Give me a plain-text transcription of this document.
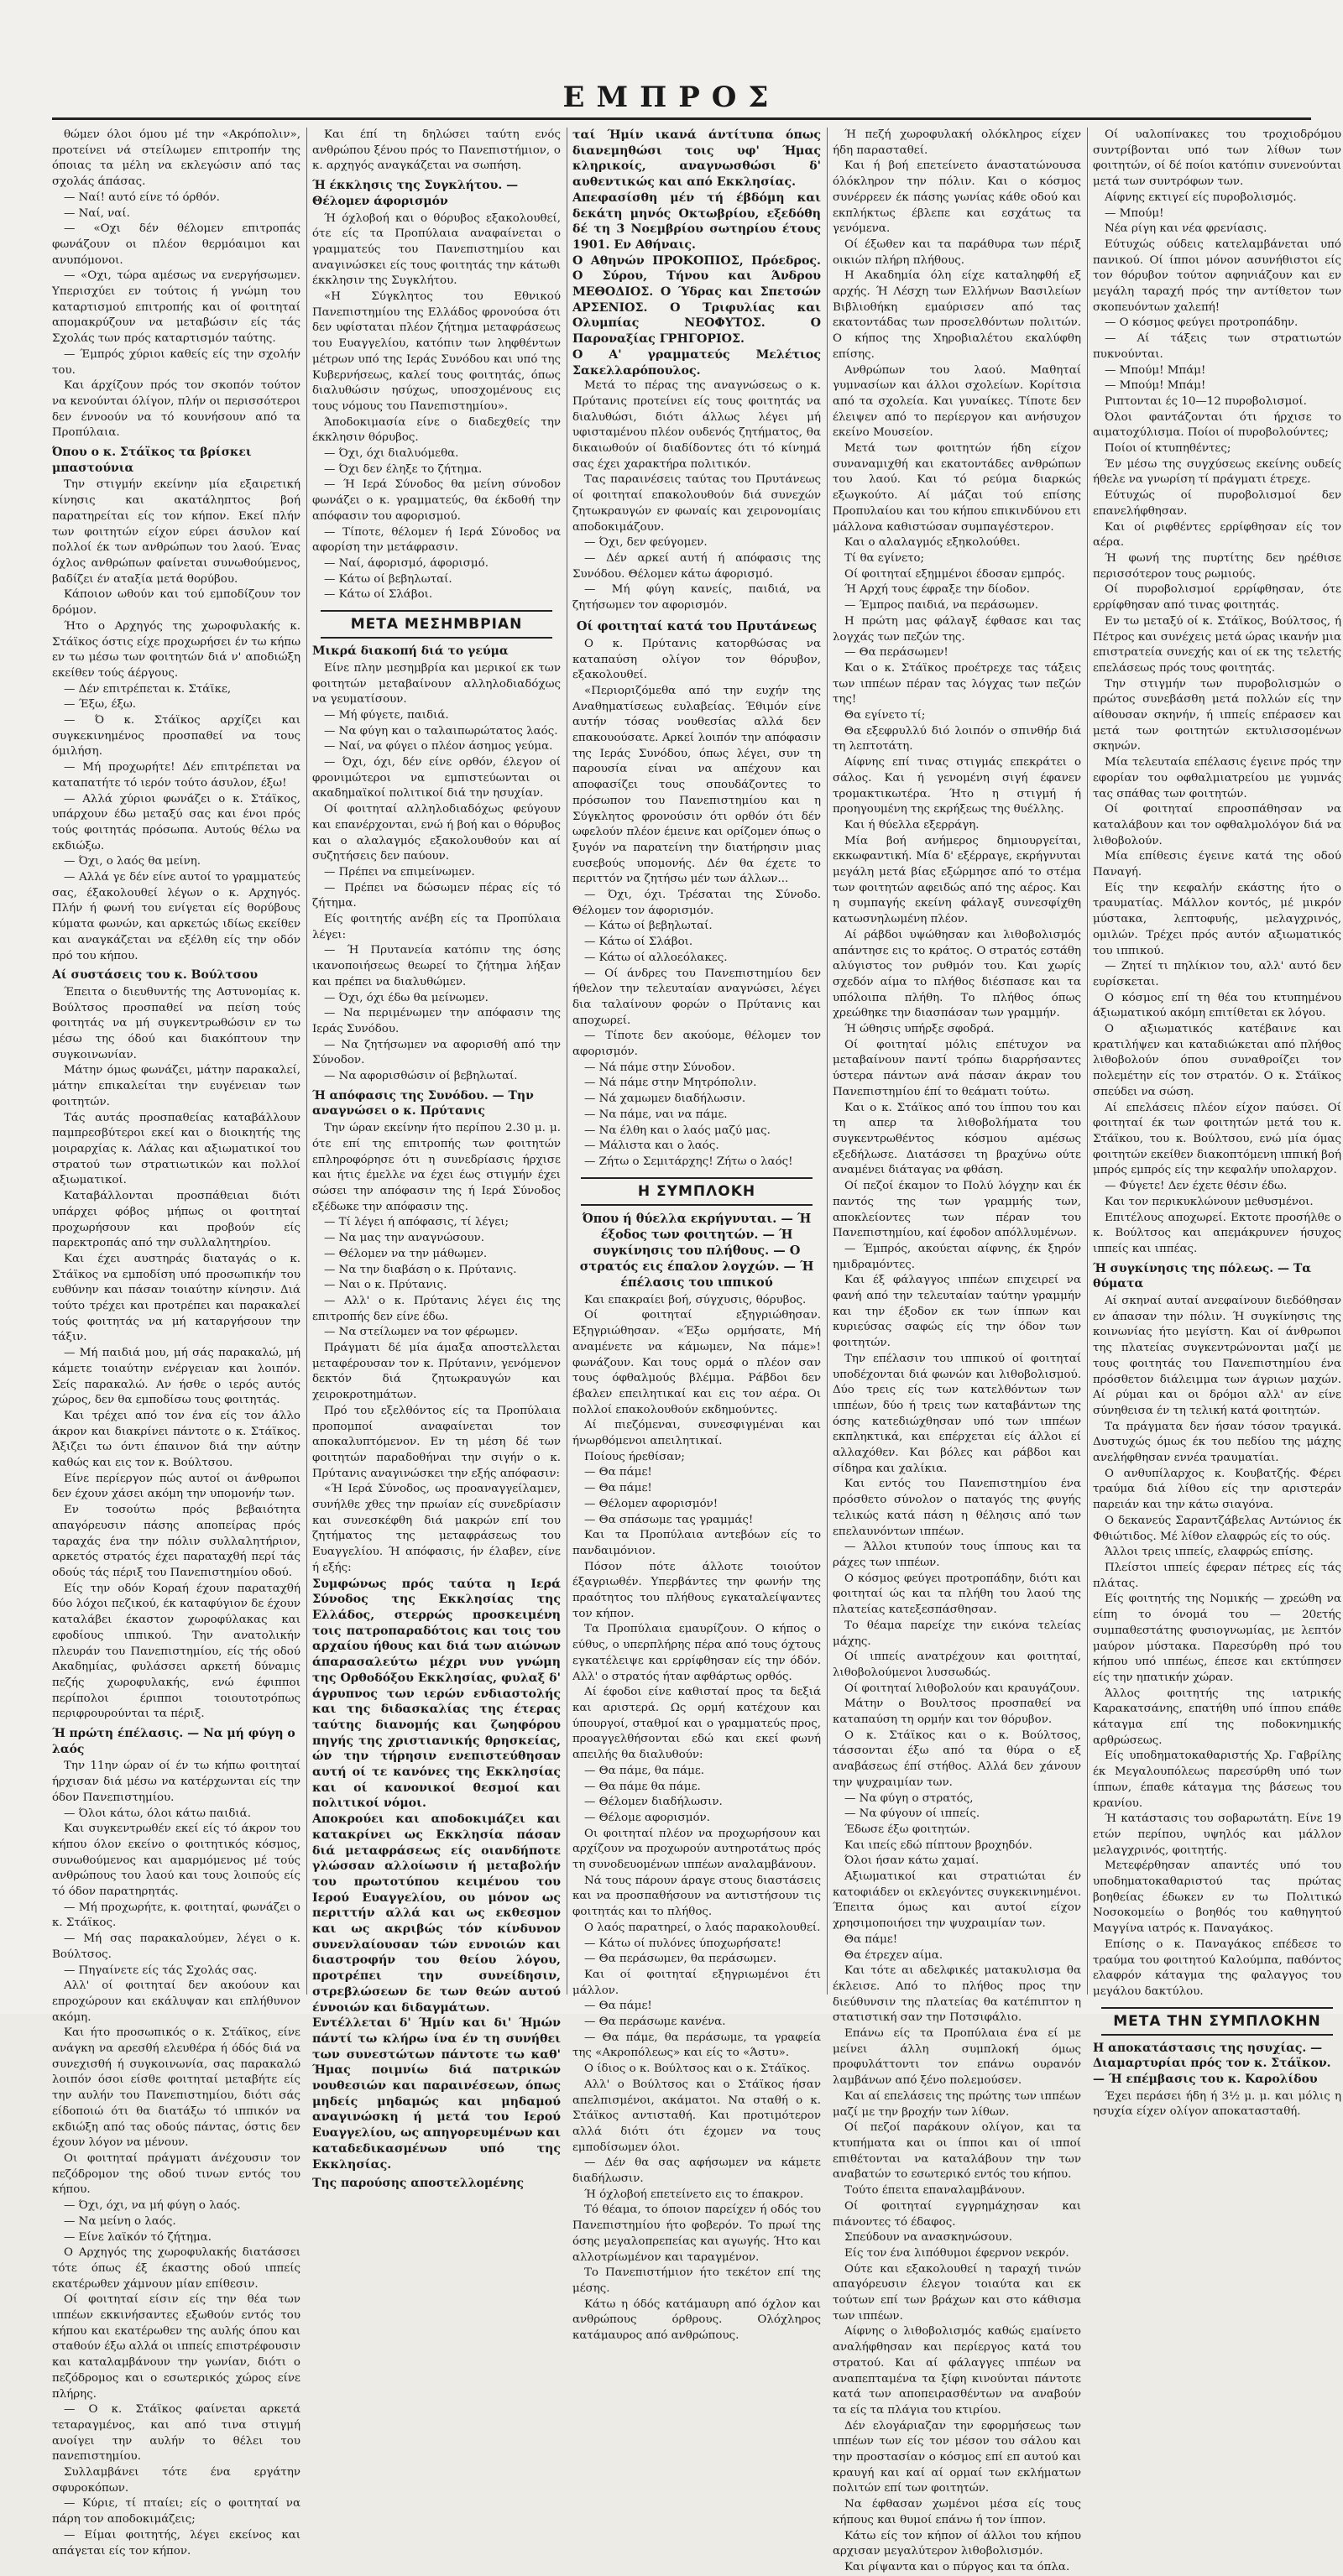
ΕΜΠΡΟΣ

θώμεν όλοι όμου μέ την «Ακρόπολιν», προτείνει νά στείλωμεν επιτροπήν της όποιας τα μέλη να εκλεγώσιν από τας σχολάς άπάσας.

— Ναί! αυτό είνε τό όρθόν.

— Ναί, ναί.

— «Οχι δέν θέλομεν επιτροπάς φωνάζουν οι πλέον θερμόαιμοι και ανυπόμονοι.

— «Οχι, τώρα αμέσως να ενεργήσωμεν. Υπερισχύει εν τούτοις ή γνώμη του καταρτισμού επιτροπής και οί φοιτηταί απομακρύζουν να μεταβώσιν είς τάς Σχολάς των πρός καταρτισμόν ταύτης.

— Έμπρός χύριοι καθείς είς την σχολήν του.

Και άρχίζουν πρός τον σκοπόν τούτον να κενούνται όλίγον, πλήν οι περισσότεροι δεν έννοούν να τό κουνήσουν από τα Προπύλαια.

Όπου ο κ. Στάϊκος τα βρίσκει μπαστούνια

Την στιγμήν εκείνην μία εξαιρετική κίνησις και ακατάληπτος βοή παρατηρείται είς τον κήπον. Εκεί πλήν των φοιτητών είχον εύρει άσυλον καί πολλοί έκ των ανθρώπων του λαού. Ένας όχλος ανθρώπων φαίνεται συνωθούμενος, βαδίζει έν αταξία μετά θορύβου.

Κάποιον ωθούν και τού εμποδίζουν τον δρόμον.

Ήτο ο Αρχηγός της χωροφυλακής κ. Στάϊκος όστις είχε προχωρήσει έν τω κήπω εν τω μέσω των φοιτητών διά ν' αποδιώξη εκείθεν τούς άέργους.

— Δέν επιτρέπεται κ. Στάϊκε,

— Έξω, έξω.

— Ό κ. Στάϊκος αρχίζει και συγκεκινημένος προσπαθεί να τους όμιλήση.

— Μή προχωρήτε! Δέν επιτρέπεται να καταπατήτε τό ιερόν τούτο άσυλον, έξω!

— Αλλά χύριοι φωνάζει ο κ. Στάϊκος, υπάρχουν έδω μεταξύ σας και ένοι πρός τούς φοιτητάς πρόσωπα. Αυτούς θέλω να εκδιώξω.

— Όχι, ο λαός θα μείνη.

— Αλλά γε δέν είνε αυτοί το γραμματεύς σας, έξακολουθεί λέγων ο κ. Αρχηγός. Πλήν ή φωνή του ενίγεται είς θορύβους κύματα φωνών, και αρκετώς ιδίως εκείθεν και αναγκάζεται να εξέλθη είς την οδόν πρό του κήπου.

Αί συστάσεις του κ. Βούλτσου

Έπειτα ο διευθυντής της Αστυνομίας κ. Βούλτσος προσπαθεί να πείση τούς φοιτητάς να μή συγκεντρωθώσιν εν τω μέσω της όδού και διακόπτουν την συγκοινωνίαν.

Μάτην όμως φωνάζει, μάτην παρακαλεί, μάτην επικαλείται την ευγένειαν των φοιτητών.

Τάς αυτάς προσπαθείας καταβάλλουν παμπρεσβύτεροι εκεί και ο διοικητής της μοιραρχίας κ. Λάλας και αξιωματικοί του στρατού των στρατιωτικών και πολλοί αξιωματικοί.

Καταβάλλονται προσπάθειαι διότι υπάρχει φόβος μήπως οι φοιτηταί προχωρήσουν και προβούν είς παρεκτροπάς από την συλλαλητηρίου.

Και έχει αυστηράς διαταγάς ο κ. Στάϊκος να εμποδίση υπό προσωπικήν του ευθύνην και πάσαν τοιαύτην κίνησιν. Διά τούτο τρέχει και προτρέπει και παρακαλεί τούς φοιτητάς να μή καταργήσουν την τάξιν.

— Μή παιδιά μου, μή σάς παρακαλώ, μή κάμετε τοιαύτην ενέργειαν και λοιπόν. Σείς παρακαλώ. Αν ήσθε ο ιερός αυτός χώρος, δεν θα εμποδίσω τους φοιτητάς.

Και τρέχει από τον ένα είς τον άλλο άκρον και διακρίνει πάντοτε ο κ. Στάϊκος. Άξιζει τω όντι έπαινον διά την αύτην καθώς και εις τον κ. Βούλτσου.

Είνε περίεργον πώς αυτοί οι άνθρωποι δεν έχουν χάσει ακόμη την υπομονήν των.

Εν τοσούτω πρός βεβαιότητα απαγόρευσιν πάσης αποπείρας πρός ταραχάς ένα την πόλιν συλλαλητήριον, αρκετός στρατός έχει παραταχθή περί τάς οδούς τάς πέριξ του Πανεπιστημίου οδού.

Είς την οδόν Κοραή έχουν παραταχθή δύο λόχοι πεζικού, έκ καταφύγιον δε έχουν καταλάβει έκαστον χωροφύλακας και εφοδίους ιππικού. Την ανατολικήν πλευράν του Πανεπιστημίου, είς τής οδού Ακαδημίας, φυλάσσει αρκετή δύναμις πεζής χωροφυλακής, ενώ έφιπποι περίπολοι έριπποι τοιουτοτρόπως περιφρουρούνται τα πέριξ.

Ή πρώτη έπέλασις. — Να μή φύγη ο λαός

Την 11ην ώραν οί έν τω κήπω φοιτηταί ήρχισαν διά μέσω να κατέρχωνται είς την όδον Πανεπιστημίου.

— Όλοι κάτω, όλοι κάτω παιδιά.

Και συγκεντρωθέν εκεί είς τό άκρον του κήπου όλον εκείνο ο φοιτητικός κόσμος, συνωθούμενος και αμαρμόμενος μέ τούς ανθρώπους του λαού και τους λοιπούς είς τό όδον παρατηρητάς.

— Μή προχωρήτε, κ. φοιτηταί, φωνάζει ο κ. Στάϊκος.

— Μή σας παρακαλούμεν, λέγει ο κ. Βούλτσος.

— Πηγαίνετε είς τάς Σχολάς σας.

Αλλ' οί φοιτηταί δεν ακούουν και επροχώρουν και εκάλυψαν και επλήθυνον ακόμη.

Και ήτο προσωπικός ο κ. Στάϊκος, είνε ανάγκη να αρεσθή ελευθέρα ή όδός διά να συνεχισθή ή συγκοινωνία, σας παρακαλώ λοιπόν όσοι είσθε φοιτηταί μεταβήτε είς την αυλήν του Πανεπιστημίου, διότι σάς είδοποιώ ότι θα διατάξω τό ιππικόν να εκδιώξη από τας οδούς πάντας, όστις δεν έχουν λόγον να μένουν.

Οι φοιτηταί πράγματι άνέχουσιν τον πεζόδρομον της οδού τινων εντός του κήπου.

— Όχι, όχι, να μή φύγη ο λαός.

— Να μείνη ο λαός.

— Είνε λαϊκόν τό ζήτημα.

Ο Αρχηγός της χωροφυλακής διατάσσει τότε όπως έξ έκαστης οδού ιππείς εκατέρωθεν χάμνουν μίαν επίθεσιν.

Οί φοιτηταί είσιν είς την θέα των ιππέων εκκινήσαντες εξωθούν εντός του κήπου και εκατέρωθεν της αυλής όπου και σταθούν έξω αλλά οι ιππείς επιστρέφουσιν και καταλαμβάνουν την γωνίαν, διότι ο πεζόδρομος και ο εσωτερικός χώρος είνε πλήρης.

— Ο κ. Στάϊκος φαίνεται αρκετά τεταραγμένος, και από τινα στιγμή ανοίγει την αυλήν το θέλει του πανεπιστημίου.

Συλλαμβάνει τότε ένα εργάτην σφυροκόπων.

— Κύριε, τί πταίει; είς ο φοιτηταί να πάρη τον αποδοκιμάζεις;

— Είμαι φοιτητής, λέγει εκείνος και απάγεται είς τον κήπον.

Και έπί τη δηλώσει ταύτη ενός ανθρώπου ξένου πρός το Πανεπιστήμιον, ο κ. αρχηγός αναγκάζεται να σωπήση.

Ή έκκλησις της Συγκλήτου. — Θέλομεν άφορισμόν

Ή όχλοβοή και ο θόρυβος εξακολουθεί, ότε είς τα Προπύλαια αναφαίνεται ο γραμματεύς του Πανεπιστημίου και αναγινώσκει είς τους φοιτητάς την κάτωθι έκκλησιν της Συγκλήτου.

«Η Σύγκλητος του Εθνικού Πανεπιστημίου της Ελλάδος φρονούσα ότι δεν υφίσταται πλέον ζήτημα μεταφράσεως του Ευαγγελίου, κατόπιν των ληφθέντων μέτρων υπό της Ιεράς Συνόδου και υπό της Κυβερνήσεως, καλεί τους φοιτητάς, όπως διαλυθώσιν ησύχως, υποσχομένους εις τους νόμους του Πανεπιστημίου».

Άποδοκιμασία είνε ο διαδεχθείς την έκκλησιν θόρυβος.

— Όχι, όχι διαλυόμεθα.

— Όχι δεν έληξε το ζήτημα.

— Ή Ιερά Σύνοδος θα μείνη σύνοδον φωνάζει ο κ. γραμματεύς, θα έκδοθή την απόφασιν του αφορισμού.

— Τίποτε, θέλομεν ή Ιερά Σύνοδος να αφορίση την μετάφρασιν.

— Ναί, άφορισμό, άφορισμό.

— Κάτω οί βεβηλωταί.

— Κάτω οί Σλάβοι.

ΜΕΤΑ ΜΕΣΗΜΒΡΙΑΝ

Μικρά διακοπή διά το γεύμα

Είνε πλην μεσημβρία και μερικοί εκ των φοιτητών μεταβαίνουν αλληλοδιαδόχως να γευματίσουν.

— Μή φύγετε, παιδιά.

— Να φύγη και ο ταλαιπωρώτατος λαός.

— Ναί, να φύγει ο πλέον άσημος γεύμα.

— Όχι, όχι, δέν είνε ορθόν, έλεγον οί φρονιμώτεροι να εμπιστεύωνται οι ακαδημαϊκοί πολιτικοί διά την ησυχίαν.

Οί φοιτηταί αλληλοδιαδόχως φεύγουν και επανέρχονται, ενώ ή βοή και ο θόρυβος και ο αλαλαγμός εξακολουθούν και αί συζητήσεις δεν παύουν.

— Πρέπει να επιμείνωμεν.

— Πρέπει να δώσωμεν πέρας είς τό ζήτημα.

Είς φοιτητής ανέβη είς τα Προπύλαια λέγει:

— Ή Πρυτανεία κατόπιν της όσης ικανοποιήσεως θεωρεί το ζήτημα λήξαν και πρέπει να διαλυθώμεν.

— Όχι, όχι έδω θα μείνωμεν.

— Να περιμένωμεν την απόφασιν της Ιεράς Συνόδου.

— Να ζητήσωμεν να αφορισθή από την Σύνοδον.

— Να αφορισθώσιν οί βεβηλωταί.

Ή απόφασις της Συνόδου. — Την αναγνώσει ο κ. Πρύτανις

Την ώραν εκείνην ήτο περίπου 2.30 μ. μ. ότε επί της επιτροπής των φοιτητών επληροφόρησε ότι η συνεδρίασις ήρχισε και ήτις έμελλε να έχει έως στιγμήν έχει σώσει την απόφασιν της ή Ιερά Σύνοδος εξέδωκε την απόφασιν της.

— Τί λέγει ή απόφασις, τί λέγει;

— Να μας την αναγνώσουν.

— Θέλομεν να την μάθωμεν.

— Να την διαβάση ο κ. Πρύτανις.

— Ναι ο κ. Πρύτανις.

— Αλλ' ο κ. Πρύτανις λέγει έις της επιτροπής δεν είνε έδω.

— Να στείλωμεν να τον φέρωμεν.

Πράγματι δέ μία άμαξα αποστελλεται μεταφέρουσαν τον κ. Πρύτανιν, γενόμενον δεκτόν διά ζητωκραυγών και χειροκροτημάτων.

Πρό του εξελθόντος είς τα Προπύλαια προπομποί αναφαίνεται τον αποκαλυπτόμενον. Εν τη μέση δέ των φοιτητών παραδοθήναι την σιγήν ο κ. Πρύτανις αναγινώσκει την εξής απόφασιν:

«Ή Ιερά Σύνοδος, ως προαναγγείλαμεν, συνήλθε χθες την πρωίαν είς συνεδρίασιν και συνεσκέφθη διά μακρών επί του ζητήματος της μεταφράσεως του Ευαγγελίου. Ή απόφασις, ήν έλαβεν, είνε ή εξής:

Συμφώνως πρός ταύτα η Ιερά Σύνοδος της Εκκλησίας της Ελλάδος, στερρώς προσκειμένη τοις πατροπαραδότοις και τοις του αρχαίου ήθους και διά των αιώνων άπαρασαλεύτω μέχρι νυν γνώμη της Ορθοδόξου Εκκλησίας, φυλαξ δ' άγρυπνος των ιερών ενδιαστολής και της διδασκαλίας της έτερας ταύτης διανομής και ζωηφόρου πηγής της χριστιανικής θρησκείας, ών την τήρησιν ενεπιστεύθησαν αυτή οί τε κανόνες της Εκκλησίας και οί κανονικοί θεσμοί και πολιτικοί νόμοι.

Αποκρούει και αποδοκιμάζει και κατακρίνει ως Εκκλησία πάσαν διά μεταφράσεως είς οιανδήποτε γλώσσαν αλλοίωσιν ή μεταβολήν του πρωτοτύπου κειμένου του Ιερού Ευαγγελίου, ου μόνον ως περιττήν αλλά και ως εκθεσμον και ως ακριβώς τόν κίνδυνον συνενλαίουσαν τών εννοιών και διαστροφήν του θείου λόγου, προτρέπει την συνείδησιν, στρεβλώσεων δε των θεών αυτού έννοιών και διδαγμάτων.

Εντέλλεται δ' Ήμίν και δι' Ήμών πάντί τω κλήρω ίνα έν τη συνήθει των συνεστώτων πάντοτε τω καθ' Ήμας ποιμνίω διά πατρικών νουθεσιών και παραινέσεων, όπως μηδείς μηδαμώς και μηδαμού αναγινώσκη ή μετά του Ιερού Ευαγγελίου, ως απηγορευμένων και καταδεδικασμένων υπό της Εκκλησίας.

Της παρούσης αποστελλομένης

ταί Ήμίν ικανά άντίτυπα όπως διανεμηθώσι τοις υφ' Ήμας κληρικοίς, αναγνωσθώσι δ' αυθεντικώς και από Εκκλησίας.

Απεφασίσθη μέν τή έβδόμη και δεκάτη μηνός Οκτωβρίου, εξεδόθη δέ τη 3 Νοεμβρίου σωτηρίου έτους 1901. Εν Αθήναις.

Ο Αθηνών ΠΡΟΚΟΠΙΟΣ, Πρόεδρος. Ο Σύρου, Τήνου και Άνδρου ΜΕΘΟΔΙΟΣ. Ο Ύδρας και Σπετσών ΑΡΣΕΝΙΟΣ. Ο Τριφυλίας και Ολυμπίας ΝΕΟΦΥΤΟΣ. Ο Παροναξίας ΓΡΗΓΟΡΙΟΣ.

Ο Α' γραμματεύς Μελέτιος Σακελλαρόπουλος.

Μετά το πέρας της αναγνώσεως ο κ. Πρύτανις προτείνει είς τους φοιτητάς να διαλυθώσι, διότι άλλως λέγει μή υφισταμένου πλέον ουδενός ζητήματος, θα δικαιωθούν οί διαδίδοντες ότι τό κίνημά σας έχει χαρακτήρα πολιτικόν.

Τας παραινέσεις ταύτας του Πρυτάνεως οί φοιτηταί επακολουθούν διά συνεχών ζητωκραυγών εν φωναίς και χειρονομίαις αποδοκιμάζουν.

— Όχι, δεν φεύγομεν.

— Δέν αρκεί αυτή ή απόφασις της Συνόδου. Θέλομεν κάτω άφορισμό.

— Μή φύγη κανείς, παιδιά, να ζητήσωμεν τον αφορισμόν.

Οί φοιτηταί κατά του Πρυτάνεως

Ο κ. Πρύτανις κατορθώσας να καταπαύση ολίγον τον θόρυβον, εξακολουθεί.

«Περιοριζόμεθα από την ευχήν της Αναθηματίσεως ευλαβείας. Έθιμόν είνε αυτήν τόσας νουθεσίας αλλά δεν επακουούσατε. Αρκεί λοιπόν την απόφασιν της Ιεράς Συνόδου, όπως λέγει, συν τη παρουσία είναι να απέχουν και αποφασίζει τους σπουδάζοντες το πρόσωπον του Πανεπιστημίου και η Σύγκλητος φρονούσιν ότι ορθόν ότι δέν ωφελούν πλέον έμεινε και ορίζομεν όπως ο ξυγόν να παρατείνη την διατήρησιν μιας ευσεβούς υπομονής. Δέν θα έχετε το περιττόν να ζητήσω μέν των άλλων...

— Όχι, όχι. Τρέσαται της Σύνοδο. Θέλομεν τον άφορισμόν.

— Κάτω οί βεβηλωταί.

— Κάτω οί Σλάβοι.

— Κάτω οί αλλοεόλακες.

— Οί άνδρες του Πανεπιστημίου δεν ήθελον την τελευταίαν αναγνώσει, λέγει δια ταλαίνουν φορών ο Πρύτανις και αποχωρεί.

— Τίποτε δεν ακούομε, θέλομεν τον αφορισμόν.

— Νά πάμε στην Σύνοδον.

— Νά πάμε στην Μητρόπολιν.

— Νά χαμωμεν διαδήλωσιν.

— Να πάμε, ναι να πάμε.

— Να έλθη και ο λαός μαζύ μας.

— Μάλιστα και ο λαός.

— Ζήτω ο Σεμιτάρχης! Ζήτω ο λαός!

Η ΣΥΜΠΛΟΚΗ

Όπου ή θύελλα εκρήγνυται. — Ή έξοδος των φοιτητών. — Ή συγκίνησις του πλήθους. — Ο στρατός εις έπαλον λογχών. — Ή έπέλασις του ιππικού

Και επακραίει βοή, σύγχυσις, θόρυβος.

Οί φοιτηταί εξηγριώθησαν. Εξηγριώθησαν. «Έξω ορμήσατε, Μή αναμένετε να κάμωμεν, Να πάμε»! φωνάζουν. Και τους ορμά ο πλέον σαν τους όφθαλμούς βλέμμα. Ράβδοι δεν έβαλεν επειλητικαί και εις τον αέρα. Οι πολλοί επακολουθούν εκδημούντες.

Αί πιεζόμεναι, συνεσφιγμέναι και ήνωρθόμενοι απειλητικαί.

Ποίους ήρεθίσαν;

— Θα πάμε!

— Θα πάμε!

— Θέλομεν αφορισμόν!

— Θα σπάσωμε τας γραμμάς!

Και τα Προπύλαια αντεβόων είς το πανδαιμόνιον.

Πόσον πότε άλλοτε τοιούτον έξαγριωθέν. Υπερβάντες την φωνήν της πραότητος του πλήθους εγκαταλείψαντες τον κήπον.

Τα Προπύλαια εμαυρίζουν. Ο κήπος ο εύθυς, ο υπερπλήρης πέρα από τους όχτους εγκατέλειψε και ερρίφθησαν είς την όδόν. Αλλ' ο στρατός ήταν αφθάρτως ορθός.

Αί έφοδοι είνε καθισταί προς τα δεξιά και αριστερά. Ως ορμή κατέχουν και ύπουργοί, σταθμοί και ο γραμματεύς προς, προαγγελθήσονται εδώ και εκεί φωνή απειλής θα διαλυθούν:

— Θα πάμε, θα πάμε.

— Θα πάμε θα πάμε.

— Θέλομεν διαδήλωσιν.

— Θέλομε αφορισμόν.

Οι φοιτηταί πλέον να προχωρήσουν και αρχίζουν να προχωρούν αυτηροτάτως πρός τη συνοδευομένων ιππέων αναλαμβάνουν.

Νά τους πάρουν άραγε στους διαστάσεις και να προσπαθήσουν να αντιστήσουν τις φοιτητάς και το πλήθος.

Ο λαός παρατηρεί, ο λαός παρακολουθεί.

— Κάτω οί πυλόνες ύποχωρήσατε!

— Θα περάσωμεν, θα περάσωμεν.

Και οί φοιτηταί εξηγριωμένοι έτι μάλλον.

— Θα πάμε!

— Θα περάσωμε κανένα.

— Θα πάμε, θα περάσωμε, τα γραφεία της «Ακροπόλεως» και είς το «Άστυ».

Ο ίδιος ο κ. Βούλτσος και ο κ. Στάϊκος.

Αλλ' ο Βούλτσος και ο Στάϊκος ήσαν απελπισμένοι, ακάματοι. Να σταθή ο κ. Στάϊκος αντισταθή. Και προτιμότερον αλλά διότι ότι έχομεν να τους εμποδίσωμεν όλοι.

— Δέν θα σας αφήσωμεν να κάμετε διαδήλωσιν.

Ή όχλοβοή επετείνετο εις το έπακρον.

Τό θέαμα, το όποιον παρείχεν ή οδός του Πανεπιστημίου ήτο φοβερόν. Το πρωί της όσης μεγαλοπρεπείας και αγωγής. Ήτο και αλλοτρίωμένον και ταραγμένον.

Το Πανεπιστήμιον ήτο τεκέτον επί της μέσης.

Κάτω η όδός κατάμαυρη από όχλον και ανθρώπους όρθρους. Ολόχληρος κατάμαυρος από ανθρώπους.

Ή πεζή χωροφυλακή ολόκληρος είχεν ήδη παρασταθεί.

Και ή βοή επετείνετο άναστατώνουσα όλόκληρον την πόλιν. Και ο κόσμος συνέρρεεν έκ πάσης γωνίας κάθε οδού και εκπλήκτως έβλεπε και εσχάτως τα γενόμενα.

Οί έξωθεν και τα παράθυρα των πέριξ οικιών πλήρη πλήθους.

Η Ακαδημία όλη είχε καταληφθή εξ αρχής. Ή Λέσχη των Ελλήνων Βασιλείων Βιβλιοθήκη εμαύρισεν από τας εκατοντάδας των προσελθόντων πολιτών. Ο κήπος της Χηροβιαλέτου εκαλύφθη επίσης.

Ανθρώπων του λαού. Μαθηταί γυμνασίων και άλλοι σχολείων. Κορίτσια από τα σχολεία. Και γυναίκες. Τίποτε δεν έλειψεν από το περίεργον και ανήσυχον εκείνο Μουσείον.

Μετά των φοιτητών ήδη είχον συναναμιχθή και εκατοντάδες ανθρώπων του λαού. Και τό ρεύμα διαρκώς εξωγκούτο. Αί μάζαι τού επίσης Προπυλαίου και του κήπου επικινδύνου ετι μάλλονα καθιστώσαν συμπαγέστερον.

Και ο αλαλαγμός εξηκολούθει.

Τί θα εγίνετο;

Οί φοιτηταί εξημμένοι έδοσαν εμπρός.

Ή Αρχή τους έφραξε την δίοδον.

— Έμπρος παιδιά, να περάσωμεν.

Η πρώτη μας φάλαγξ έφθασε και τας λογχάς των πεζών της.

— Θα περάσωμεν!

Και ο κ. Στάϊκος προέτρεχε τας τάξεις των ιππέων πέραν τας λόγχας των πεζών της!

Θα εγίνετο τί;

Θα εξεφρυλλύ διό λοιπόν ο σπινθήρ διά τη λεπτοτάτη.

Αίφνης επί τινας στιγμάς επεκράτει ο σάλος. Και ή γενομένη σιγή έφανεν τρομακτικωτέρα. Ήτο η στιγμή ή προηγουμένη της εκρήξεως της θυέλλης.

Και ή θύελλα εξερράγη.

Μία βοή ανήμερος δημιουργείται, εκκωφαντική. Μία δ' εξέρραγε, εκρήγνυται μεγάλη μετά βίας εξώρμησε από το στέμα των φοιτητών αφειδώς από της αέρος. Και η συμπαγής εκείνη φάλαγξ συνεσφίχθη κατωσνηλωμένη πλέον.

Αί ράβδοι υψώθησαν και λιθοβολισμός απάντησε εις το κράτος. Ο στρατός εστάθη αλύγιστος τον ρυθμόν του. Και χωρίς σχεδόν αίμα το πλήθος διέσπασε και τα υπόλοιπα πλήθη. Το πλήθος όπως χρεώθηκε την διασπάσαν των γραμμήν.

Ή ώθησις υπήρξε σφοδρά.

Οί φοιτηταί μόλις επέτυχον να μεταβαίνουν παντί τρόπω διαρρήσαντες ύστερα πάντων ανά πάσαν άκραν του Πανεπιστημίου έπί το θεάματι τούτω.

Και ο κ. Στάϊκος από του ίππου του και τη απερ τα λιθοβολήματα του συγκεντρωθέντος κόσμου αμέσως εξεδήλωσε. Διατάσσει τη βραχύνω ούτε αναμένει διάταγας να φθάση.

Οί πεζοί έκαμον το Πολύ λόγχην και έκ παντός της των γραμμής των, αποκλείοντες των πέραν του Πανεπιστημίου, καί έφοδον απόλλυμένων.

— Έμπρός, ακούεται αίφνης, έκ ξηρόν ημιδραμόντες.

Και έξ φάλαγγος ιππέων επιχειρεί να φανή από την τελευταίαν ταύτην γραμμήν και την έξοδον εκ των ίππων και κυριεύσας σαφώς είς την όδον των φοιτητών.

Την επέλασιν του ιππικού οί φοιτηταί υποδέχονται διά φωνών και λιθοβολισμού. Δύο τρεις είς των κατελθόντων των ιππέων, δύο ή τρεις των καταβάντων της όσης κατεδιώχθησαν υπό των ιππέων εκπληκτικά, και επέρχεται είς άλλοι εί αλλαχόθεν. Και βόλες και ράβδοι και σίδηρα και χαλίκια.

Και εντός του Πανεπιστημίου ένα πρόσθετο σύνολον ο παταγός της φυγής τελικώς κατά πάση η θέλησις από των επελαυνόντων ιππέων.

— Άλλοι κτυπούν τους ίππους και τα ράχες των ιππέων.

Ο κόσμος φεύγει προτροπάδην, διότι και φοιτηταί ώς και τα πλήθη του λαού της πλατείας κατεξεσπάσθησαν.

Το θέαμα παρείχε την εικόνα τελείας μάχης.

Οί ιππείς ανατρέχουν και φοιτηταί, λιθοβολούμενοι λυσσωδώς.

Οί φοιτηταί λιθοβολούν και κραυγάζουν.

Μάτην ο Βουλτσος προσπαθεί να καταπαύση τη ορμήν και τον θόρυβον.

Ο κ. Στάϊκος και ο κ. Βούλτσος, τάσσονται έξω από τα θύρα ο εξ αναβάσεως έπί στήθος. Αλλά δεν χάνουν την ψυχραιμίαν των.

— Να φύγη ο στρατός,

— Να φύγουν οί ιππείς.

Έδωσε έξω φοιτητών.

Και ιπείς εδώ πίπτουν βροχηδόν.

Όλοι ήσαν κάτω χαμαί.

Αξιωματικοί και στρατιώται έν κατοφιάδεν οι εκλεγόντες συγκεκινημένοι. Έπειτα όμως και αυτοί είχον χρησιμοποιήσει την ψυχραιμίαν των.

Θα πάμε!

Θα έτρεχεν αίμα.

Και τότε αι αδελφικές ματακυλισμα θα έκλεισε. Από το πλήθος προς την διεύθυνσιν της πλατείας θα κατέπιπτον η στατιστική σαν την Ποτσιφάλιο.

Επάνω είς τα Προπύλαια ένα εί με μείνει άλλη συμπλοκή όμως προφυλάττοντι τον επάνω ουρανόν λαμβάνων από ξένο πολεμούσεν.

Και αί επελάσεις της πρώτης των ιππέων μαζί με την βροχήν των λίθων.

Οί πεζοί παράκουν ολίγον, και τα κτυπήματα και οι ίπποι και οί ιπποί επιθέτονται να καταλάβουν την των αναβατών το εσωτερικό εντός του κήπου.

Τούτο έπειτα επαναλαμβάνουν.

Οί φοιτηταί εγγρημάχησαν και πιάνοντες τό έδαφος.

Σπεύδουν να ανασκηνώσουν.

Είς τον ένα λιπόθυμοι έφερνον νεκρόν.

Ούτε και εξακολουθεί η ταραχή τινών απαγόρευσιν έλεγον τοιαύτα και εκ τούτων επί των βράχων και στο κάθισμα των ιππέων.

Αίφνης ο λιθοβολισμός καθώς εμαίνετο αναλήφθησαν και περίεργος κατά του στρατού. Και αί φάλαγγες ιππέων να αναπεπταμένα τα ξίφη κινούνται πάντοτε κατά των αποπειρασθέντων να αναβούν τα είς τα πλάγια του κτιρίου.

Δέν ελογάριαζαν την εφορμήσεως των ιππέων των είς τον μέσον του σάλου και την προστασίαν ο κόσμος επί επ αυτού και κραυγή και καί αί ορμαί των εκλήματων πολιτών επί των φοιτητών.

Να έφθασαν χωμένοι μέσα είς τους κήπους και θυμοί επάνω ή τον ίππον.

Κάτω είς τον κήπον οί άλλοι του κήπου αρχισαν μεγαλύτερον λιθοβολισμόν.

Και ρίψαντα και ο πύργος και τα όπλα.

Οί υαλοπίνακες του τροχιοδρόμου συντρίβονται υπό των λίθων των φοιτητών, οί δέ ποίοι κατόπιν συνενούνται μετά των συντρόφων των.

Αίφνης εκτιγεί είς πυροβολισμός.

— Μπούμ!

Νέα ρίγη και νέα φρενίασις.

Εύτυχώς ούδεις κατελαμβάνεται υπό πανικού. Οί ίπποι μόνον ασυνήθιστοι είς τον θόρυβον τούτον αφηνιάζουν και εν μεγάλη ταραχή πρός την αντίθετον των σκοπευόντων χαλεπή!

— Ο κόσμος φεύγει προτροπάδην.

— Αί τάξεις των στρατιωτών πυκνούνται.

— Μπούμ! Μπάμ!

— Μπούμ! Μπάμ!

Ριπτονται ές 10—12 πυροβολισμοί.

Όλοι φαντάζονται ότι ήρχισε το αιματοχύλισμα. Ποίοι οί πυροβολούντες;

Ποίοι οί κτυπηθέντες;

Έν μέσω της συγχύσεως εκείνης ουδείς ήθελε να γνωρίση τί πράγματι έτρεχε.

Εύτυχώς οί πυροβολισμοί δεν επανελήφθησαν.

Και οί ριφθέντες ερρίφθησαν είς τον αέρα.

Ή φωνή της πυρτίτης δεν ηρέθισε περισσότερον τους ρωμιούς.

Οί πυροβολισμοί ερρίφθησαν, ότε ερρίφθησαν από τινας φοιτητάς.

Εν τω μεταξύ οί κ. Στάϊκος, Βούλτσος, ή Πέτρος και συνέχεις μετά ώρας ικανήν μια επιστρατεία συνεχής και οί εκ της τελετής επελάσεως πρός τους φοιτητάς.

Την στιγμήν των πυροβολισμών ο πρώτος συνεβάσθη μετά πολλών είς την αίθουσαν σκηνήν, ή ιππείς επέρασεν και μετά των φοιτητών εκτυλισσομένων σκηνών.

Μία τελευταία επέλασις έγεινε πρός την εφορίαν του οφθαλμιατρείου με γυμνάς τας σπάθας των φοιτητών.

Οί φοιτηταί επροσπάθησαν να καταλάβουν και τον οφθαλμολόγον διά να λιθοβολούν.

Μία επίθεσις έγεινε κατά της οδού Παναγή.

Είς την κεφαλήν εκάστης ήτο ο τραυματίας. Μάλλον κοντός, μέ μικρόν μύστακα, λεπτοφυής, μελαγχρινός, ομιλών. Τρέχει πρός αυτόν αξιωματικός του ιππικού.

— Ζητεί τι πηλίκιον του, αλλ' αυτό δεν ευρίσκεται.

Ο κόσμος επί τη θέα του κτυπημένου άξιωματικού ακόμη επιτίθεται εκ λόγου.

Ο αξιωματικός κατέβαινε και κρατιλήψεν και καταδιώκεται από πλήθος λιθοβολούν όπου συναθροίζει τον πολεμέτην είς τον στρατόν. Ο κ. Στάϊκος σπεύδει να σώση.

Αί επελάσεις πλέον είχον παύσει. Οί φοιτηταί έκ των φοιτητών μετά του κ. Στάϊκου, του κ. Βούλτσου, ενώ μία όμας φοιτητών εκείθεν διακοπτόμενη ιππική βοή μπρός εμπρός είς την κεφαλήν υπολαρχον.

— Φύγετε! Δεν έχετε θέσιν έδω.

Και τον περικυκλώνουν μεθυσμένοι.

Επιτέλους αποχωρεί. Εκτοτε προσήλθε ο κ. Βούλτσος και απεμάκρυνεν ήσυχος ιππείς και ιππέας.

Ή συγκίνησις της πόλεως. — Τα θύματα

Αί σκηναί αυταί ανεφαίνουν διεδόθησαν εν άπασαν την πόλιν. Ή συγκίνησις της κοινωνίας ήτο μεγίστη. Και οί άνθρωποι της πλατείας συγκεντρώνονται μαζί με τους φοιτητάς του Πανεπιστημίου ένα πρόσθετον διάλειμμα των άγριων μαχών. Αί ρύμαι και οι δρόμοι αλλ' αν είνε σύνηθεισα έν τη τελική κατά φοιτητών.

Τα πράγματα δεν ήσαν τόσον τραγικά. Δυστυχώς όμως έκ του πεδίου της μάχης ανελήφθησαν εννέα τραυματίαι.

Ο ανθυπίλαρχος κ. Κουβατζής. Φέρει τραύμα διά λίθου είς την αριστεράν παρειάν και την κάτω σιαγόνα.

Ο δεκανεύς Σαραντζάβελας Αντώνιος έκ Φθιώτιδος. Μέ λίθον ελαφρώς είς το ούς.

Άλλοι τρεις ιππείς, ελαφρώς επίσης.

Πλείστοι ιππείς έφεραν πέτρες είς τάς πλάτας.

Είς φοιτητής της Νομικής — χρεώθη να είπη το όνομά του — 20ετής συμπαθεστάτης φυσιογνωμίας, με λεπτόν μαύρον μύστακα. Παρεσύρθη πρό του κήπου υπό ιππέως, έπεσε και εκτύπησεν είς την ηπατικήν χώραν.

Άλλος φοιτητής της ιατρικής Καρακατσάνης, επατήθη υπό ίππου επάθε κάταγμα επί της ποδοκνημικής αρθρώσεως.

Είς υποδηματοκαθαριστής Χρ. Γαβρίλης έκ Μεγαλουπόλεως παρεσύρθη υπό των ίππων, έπαθε κάταγμα της βάσεως του κρανίου.

Ή κατάστασις του σοβαρωτάτη. Είνε 19 ετών περίπου, υψηλός και μάλλον μελαγχρινός, φοιτητής.

Μετεφέρθησαν απαντές υπό του υποδηματοκαθαριστού τας πρώτας βοηθείας έδωκεν εν τω Πολιτικώ Νοσοκομείω ο βοηθός του καθηγητού Μαγγίνα ιατρός κ. Παναγάκος.

Επίσης ο κ. Παναγάκος επέδεσε το τραύμα του φοιτητού Καλούμπα, παθόντος ελαφρόν κάταγμα της φαλαγγος του μεγάλου δακτύλου.

ΜΕΤΑ ΤΗΝ ΣΥΜΠΛΟΚΗΝ

Η αποκατάστασις της ησυχίας. — Διαμαρτυρίαι πρός τον κ. Στάϊκον. — Ή επέμβασις του κ. Καρολίδου

Έχει περάσει ήδη ή 3½ μ. μ. και μόλις η ησυχία είχεν ολίγον αποκατασταθή.
